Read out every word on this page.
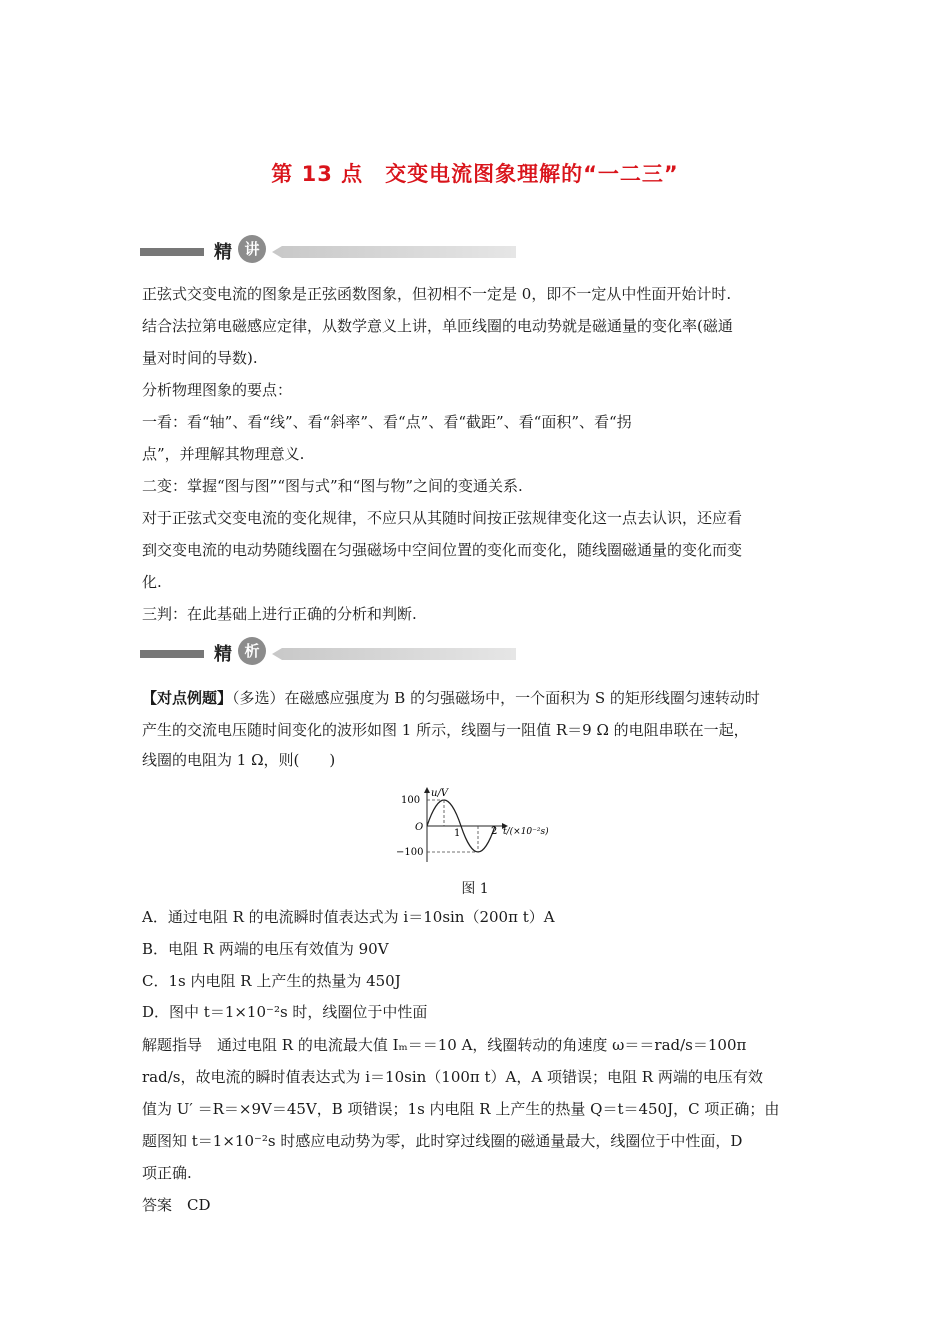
第 13 点　交变电流图象理解的“一二三”
精 讲
正弦式交变电流的图象是正弦函数图象，但初相不一定是 0，即不一定从中性面开始计时.
结合法拉第电磁感应定律，从数学意义上讲，单匝线圈的电动势就是磁通量的变化率(磁通
量对时间的导数).
分析物理图象的要点：
一看：看“轴”、看“线”、看“斜率”、看“点”、看“截距”、看“面积”、看“拐
点”，并理解其物理意义.
二变：掌握“图与图”“图与式”和“图与物”之间的变通关系.
对于正弦式交变电流的变化规律，不应只从其随时间按正弦规律变化这一点去认识，还应看
到交变电流的电动势随线圈在匀强磁场中空间位置的变化而变化，随线圈磁通量的变化而变
化.
三判：在此基础上进行正确的分析和判断.
精 析
【对点例题】（多选）在磁感应强度为 B 的匀强磁场中，一个面积为 S 的矩形线圈匀速转动时
产生的交流电压随时间变化的波形如图 1 所示，线圈与一阻值 R＝9 Ω 的电阻串联在一起，
线圈的电阻为 1 Ω，则(　　)
u/V
100
O
−100
1	2 t/(×10⁻²s)
图 1
A．通过电阻 R 的电流瞬时值表达式为 i＝10sin（200π t）A
B．电阻 R 两端的电压有效值为 90V
C．1s 内电阻 R 上产生的热量为 450J
D．图中 t＝1×10⁻²s 时，线圈位于中性面
解题指导　通过电阻 R 的电流最大值 Iₘ＝＝10 A，线圈转动的角速度 ω＝＝rad/s＝100π
rad/s，故电流的瞬时值表达式为 i＝10sin（100π t）A，A 项错误；电阻 R 两端的电压有效
值为 U′ ＝R＝×9V＝45V，B 项错误；1s 内电阻 R 上产生的热量 Q＝t＝450J，C 项正确；由
题图知 t＝1×10⁻²s 时感应电动势为零，此时穿过线圈的磁通量最大，线圈位于中性面，D
项正确.
答案　CD
